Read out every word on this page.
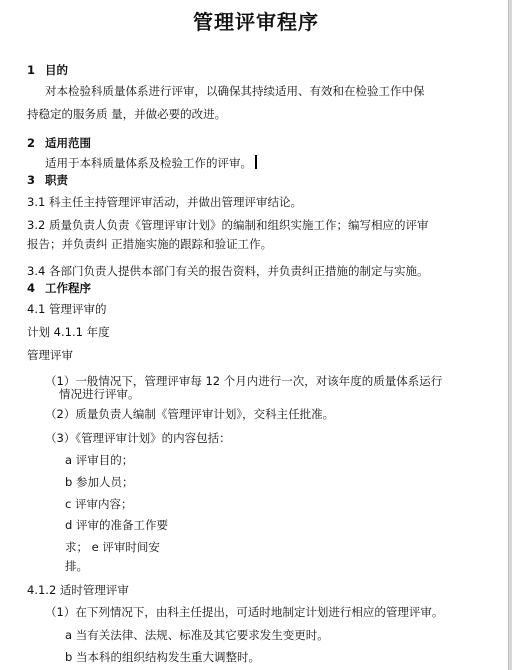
管理评审程序
1 目的
对本检验科质量体系进行评审，以确保其持续适用、有效和在检验工作中保
持稳定的服务质 量，并做必要的改进。
2 适用范围
适用于本科质量体系及检验工作的评审。
3 职责
3.1 科主任主持管理评审活动，并做出管理评审结论。
3.2 质量负责人负责《管理评审计划》的编制和组织实施工作；编写相应的评审
报告；并负责纠 正措施实施的跟踪和验证工作。
3.4 各部门负责人提供本部门有关的报告资料，并负责纠正措施的制定与实施。
4 工作程序
4.1 管理评审的
计划 4.1.1 年度
管理评审
（1）一般情况下，管理评审每 12 个月内进行一次，对该年度的质量体系运行
情况进行评审。
（2）质量负责人编制《管理评审计划》，交科主任批准。
（3）《管理评审计划》的内容包括：
a 评审目的；
b 参加人员；
c 评审内容；
d 评审的准备工作要
求； e 评审时间安
排。
4.1.2 适时管理评审
（1）在下列情况下，由科主任提出，可适时地制定计划进行相应的管理评审。
a 当有关法律、法规、标准及其它要求发生变更时。
b 当本科的组织结构发生重大调整时。
